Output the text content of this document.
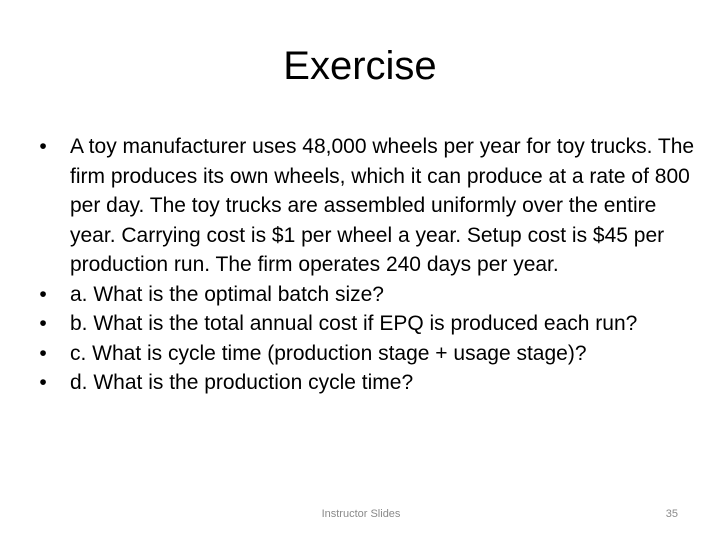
Exercise
• A toy manufacturer uses 48,000 wheels per year for toy trucks. The firm produces its own wheels, which it can produce at a rate of 800 per day. The toy trucks are assembled uniformly over the entire year. Carrying cost is $1 per wheel a year. Setup cost is $45 per production run. The firm operates 240 days per year.
• a. What is the optimal batch size?
• b. What is the total annual cost if EPQ is produced each run?
• c. What is cycle time (production stage + usage stage)?
• d. What is the production cycle time?
Instructor Slides	35
